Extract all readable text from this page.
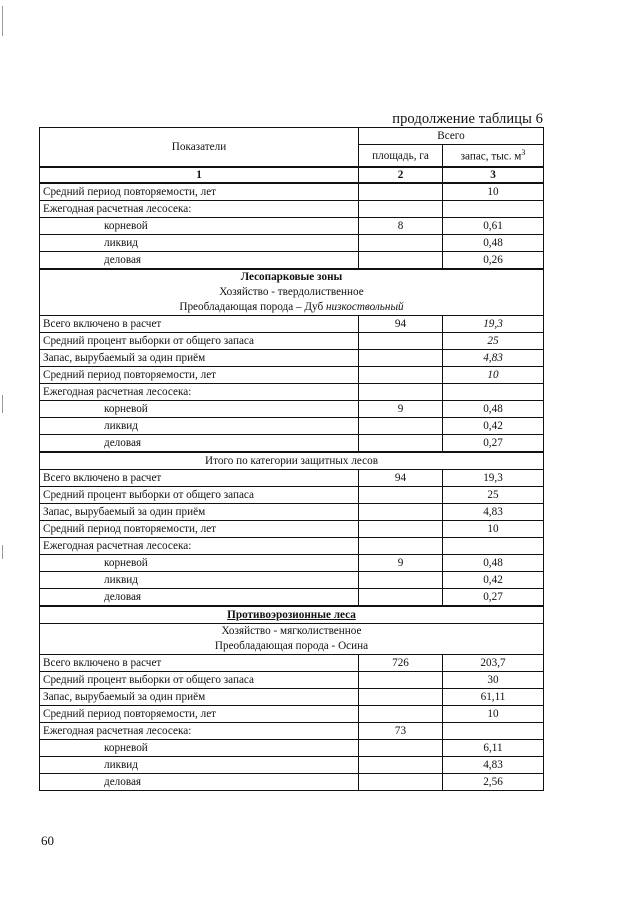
продолжение таблицы 6
Показатели	Всего	
	площадь, га	запас, тыс. $м^3$
1	2	3
Средний период повторяемости, лет		10
Ежегодная расчетная лесосека:		
корневой	8	0,61
ликвид		0,48
деловая		0,26

Лесопарковые зоны
Хозяйство - твердолиственное
Преобладающая порода – Дуб низкоствольный		

Всего включено в расчет	94	19,3
Средний процент выборки от общего запаса		25
Запас, вырубаемый за один приём		4,83
Средний период повторяемости, лет		10
Ежегодная расчетная лесосека:		
корневой	9	0,48
ликвид		0,42
деловая		0,27
Итого по категории защитных лесов		
Всего включено в расчет	94	19,3
Средний процент выборки от общего запаса		25
Запас, вырубаемый за один приём		4,83
Средний период повторяемости, лет		10
Ежегодная расчетная лесосека:		
корневой	9	0,48
ликвид		0,42
деловая		0,27
Противоэрозионные леса		

Хозяйство - мягколиственное
Преобладающая порода - Осина		

Всего включено в расчет	726	203,7
Средний процент выборки от общего запаса		30
Запас, вырубаемый за один приём		61,11
Средний период повторяемости, лет		10
Ежегодная расчетная лесосека:	73	
корневой		6,11
ликвид		4,83
деловая		2,56
60
